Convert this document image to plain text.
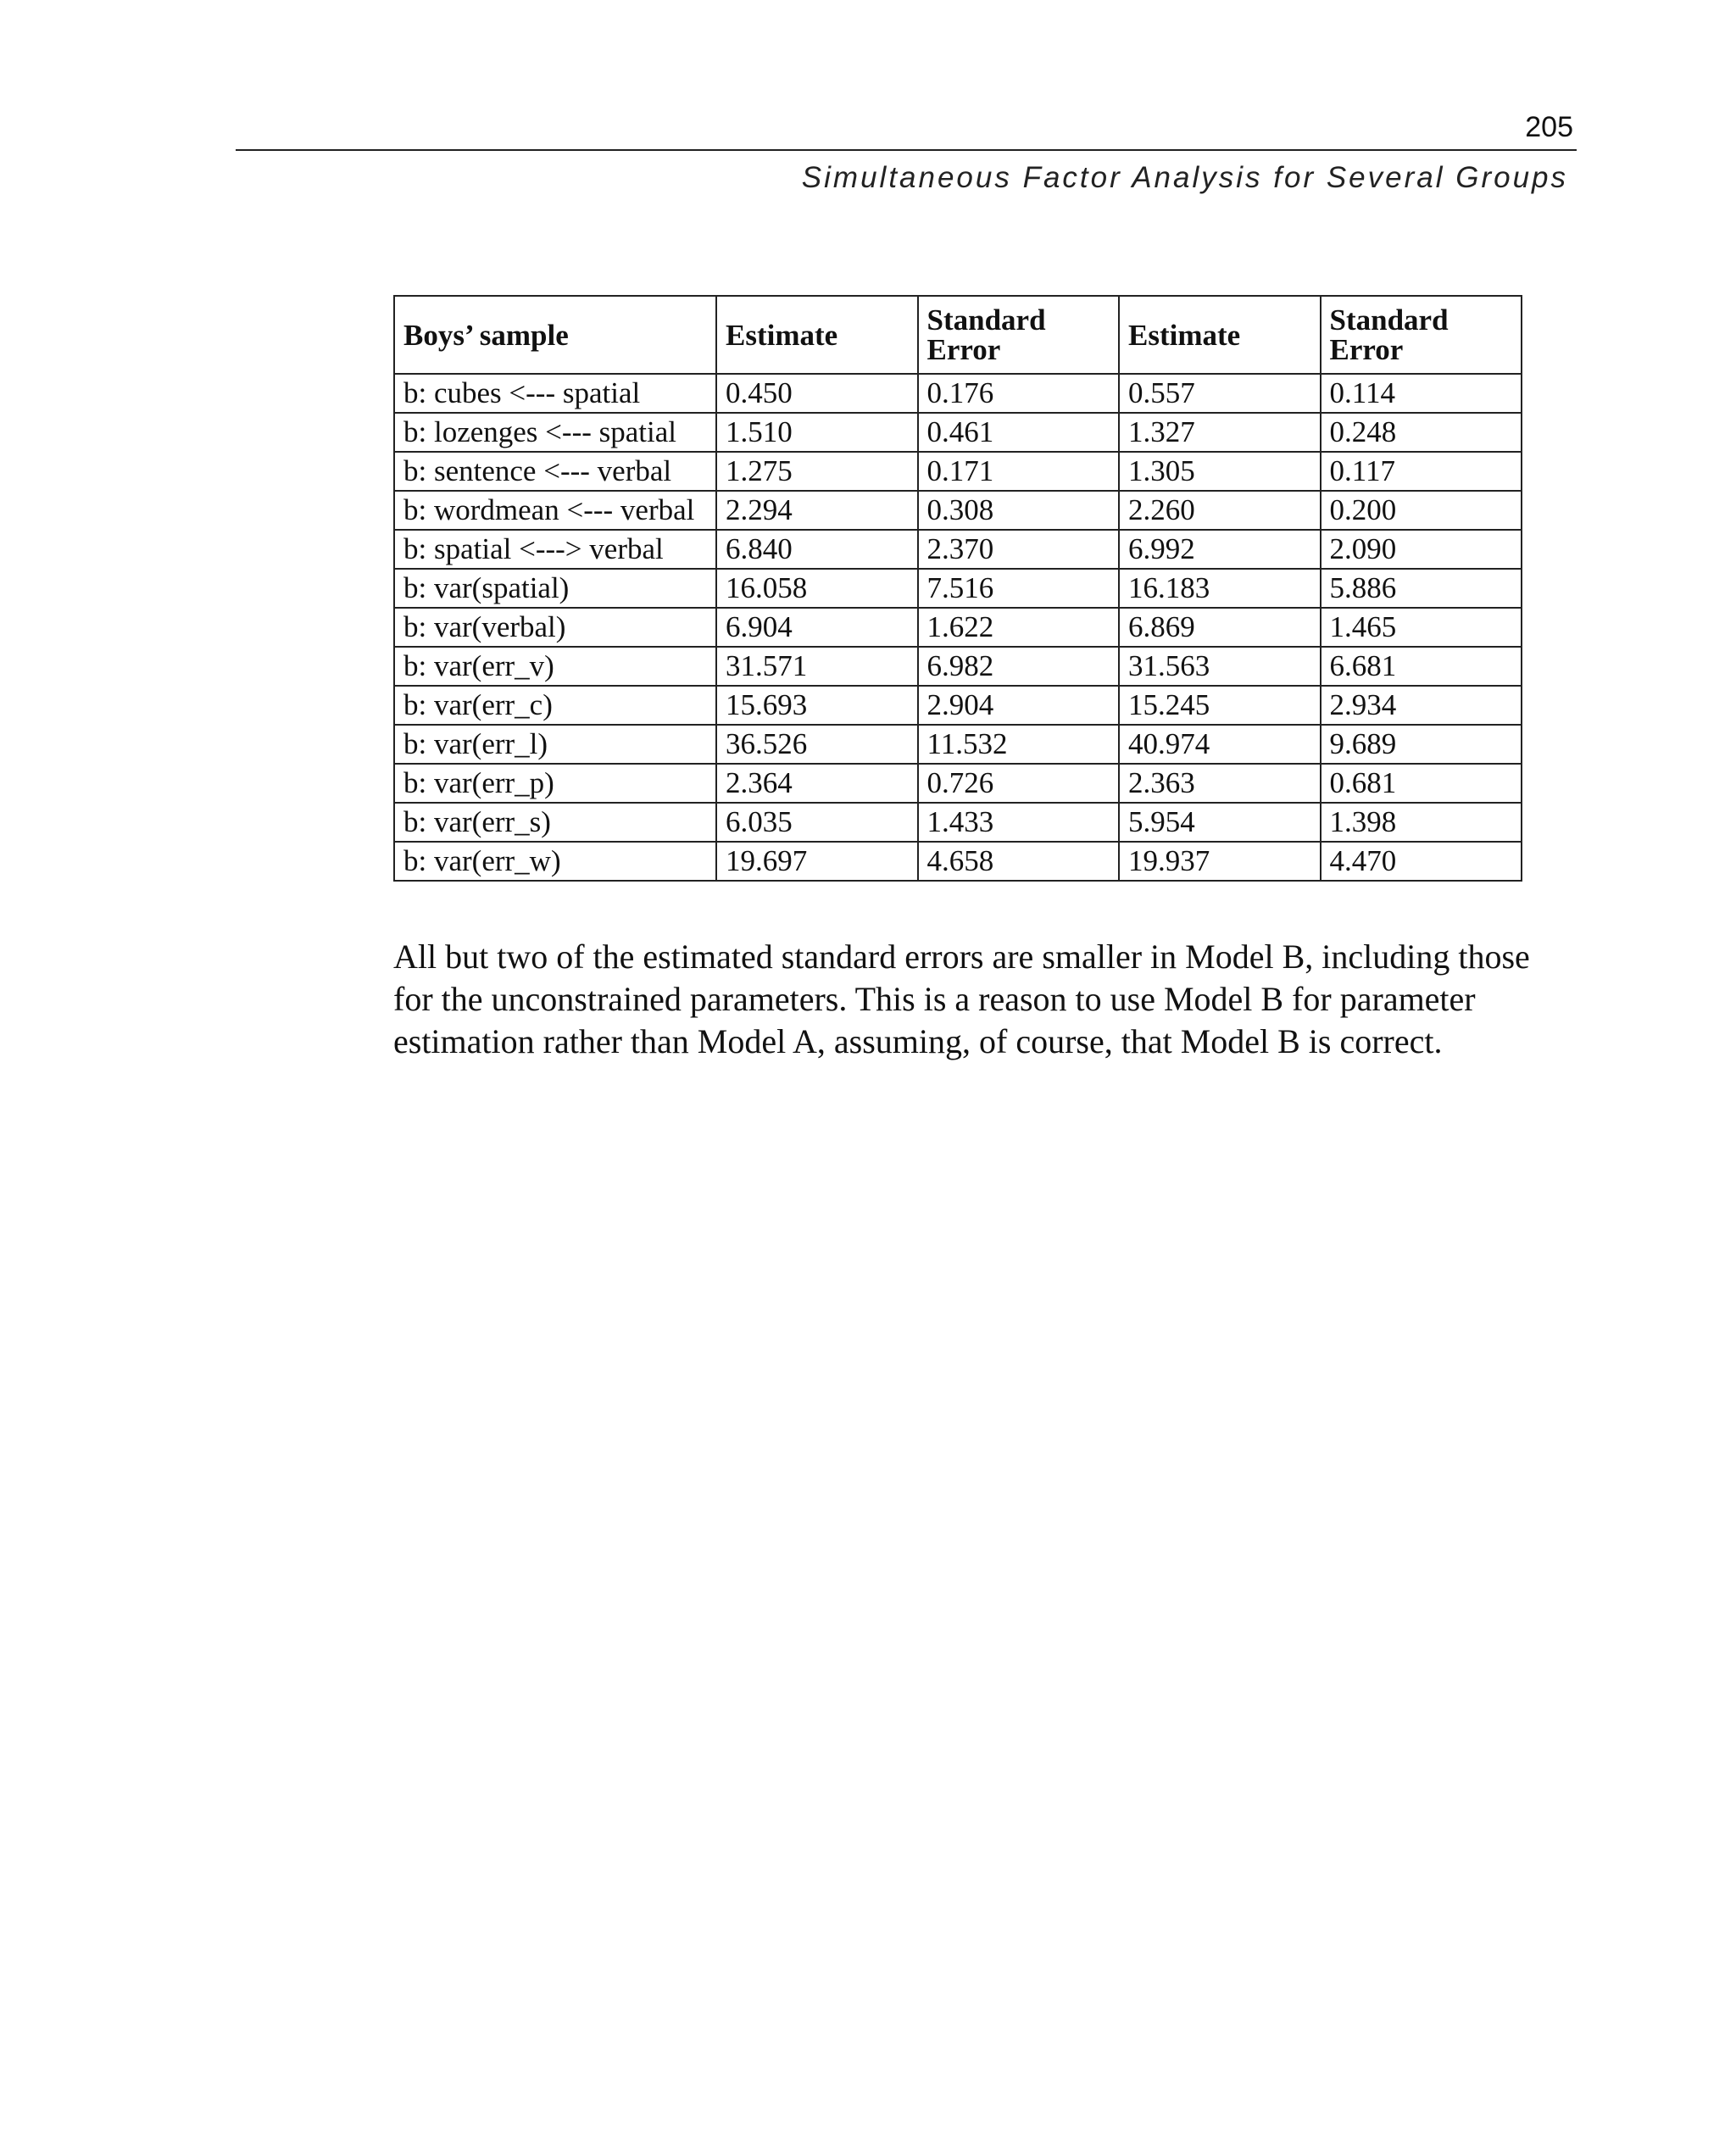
205
Simultaneous Factor Analysis for Several Groups
Boys’ sample	Estimate	Standard Error	Estimate	Standard Error
b: cubes <--- spatial	0.450	0.176	0.557	0.114
b: lozenges <--- spatial	1.510	0.461	1.327	0.248
b: sentence <--- verbal	1.275	0.171	1.305	0.117
b: wordmean <--- verbal	2.294	0.308	2.260	0.200
b: spatial <---> verbal	6.840	2.370	6.992	2.090
b: var(spatial)	16.058	7.516	16.183	5.886
b: var(verbal)	6.904	1.622	6.869	1.465
b: var(err_v)	31.571	6.982	31.563	6.681
b: var(err_c)	15.693	2.904	15.245	2.934
b: var(err_l)	36.526	11.532	40.974	9.689
b: var(err_p)	2.364	0.726	2.363	0.681
b: var(err_s)	6.035	1.433	5.954	1.398
b: var(err_w)	19.697	4.658	19.937	4.470

All but two of the estimated standard errors are smaller in Model B, including those for the unconstrained parameters. This is a reason to use Model B for parameter estimation rather than Model A, assuming, of course, that Model B is correct.
